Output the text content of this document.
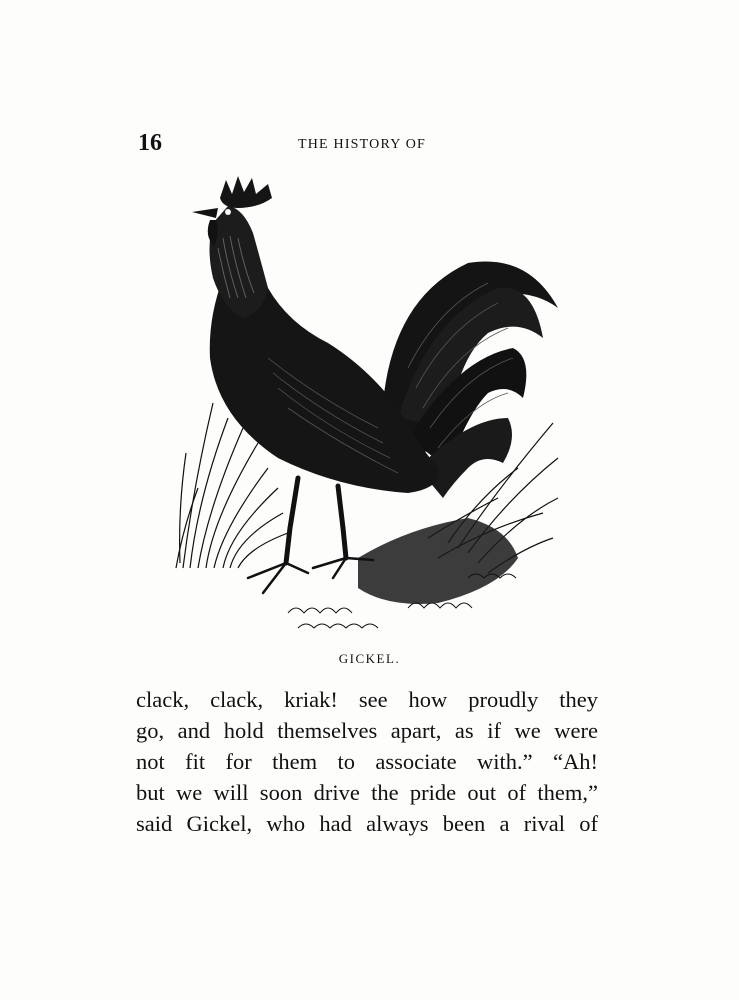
16	THE HISTORY OF
GICKEL.
clack, clack, kriak! see how proudly they
go, and hold themselves apart, as if we were
not fit for them to associate with.” “Ah!
but we will soon drive the pride out of them,”
said Gickel, who had always been a rival of
